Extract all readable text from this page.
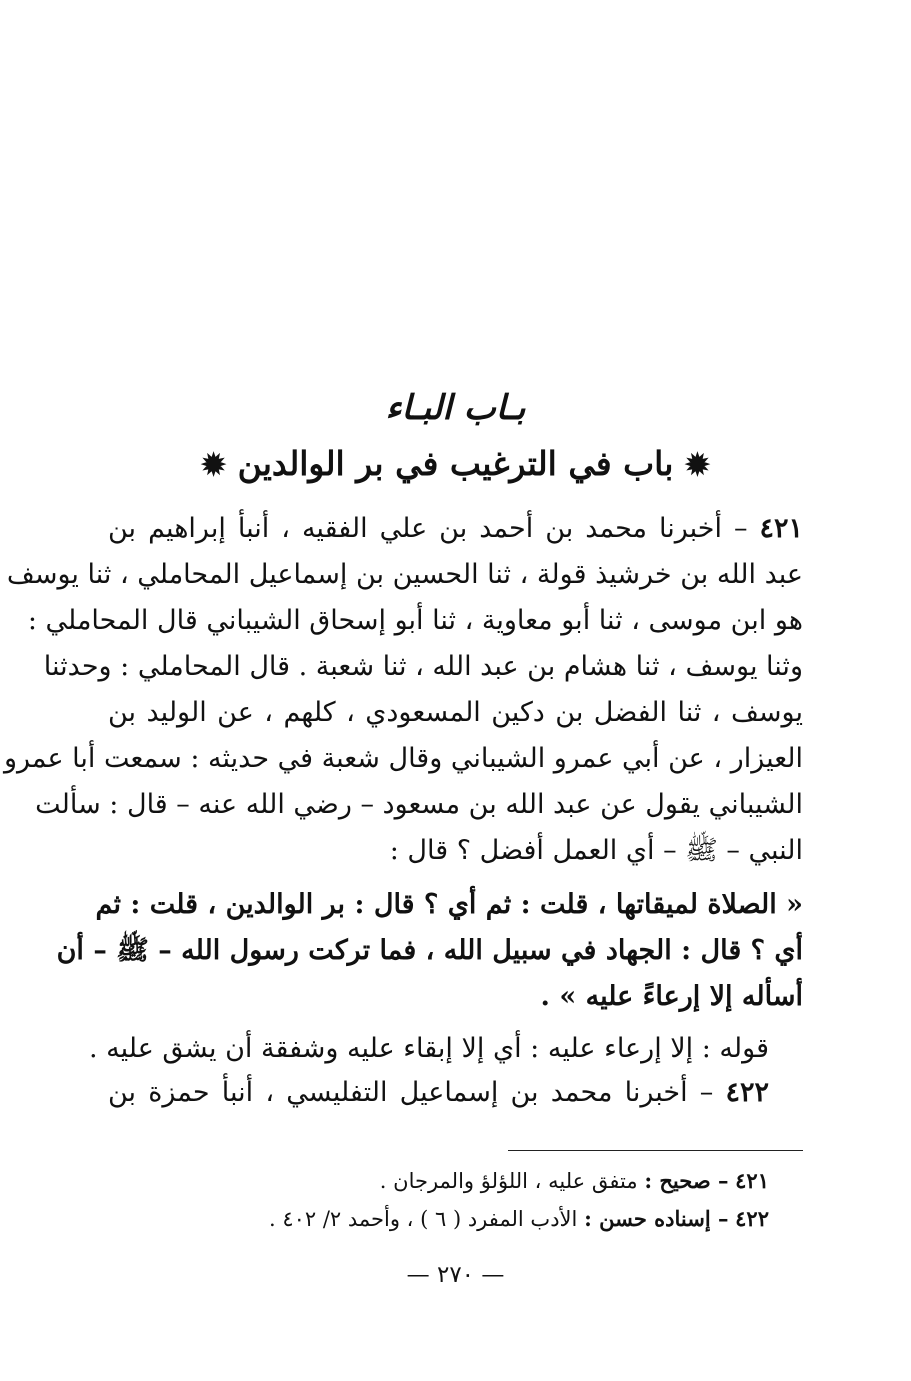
بـاب البـاء
✹ باب في الترغيب في بر الوالدين ✹
٤٢١ – أخبرنا محمد بن أحمد بن علي الفقيه ، أنبأ إبراهيم بن
عبد الله بن خرشيذ قولة ، ثنا الحسين بن إسماعيل المحاملي ، ثنا يوسف
هو ابن موسى ، ثنا أبو معاوية ، ثنا أبو إسحاق الشيباني قال المحاملي :
وثنا يوسف ، ثنا هشام بن عبد الله ، ثنا شعبة . قال المحاملي : وحدثنا
يوسف ، ثنا الفضل بن دكين المسعودي ، كلهم ، عن الوليد بن
العيزار ، عن أبي عمرو الشيباني وقال شعبة في حديثه : سمعت أبا عمرو
الشيباني يقول عن عبد الله بن مسعود – رضي الله عنه – قال : سألت
النبي – ﷺ – أي العمل أفضل ؟ قال :
« الصلاة لميقاتها ، قلت : ثم أي ؟ قال : بر الوالدين ، قلت : ثم
أي ؟ قال : الجهاد في سبيل الله ، فما تركت رسول الله – ﷺ – أن
أسأله إلا إرعاءً عليه » .
قوله : إلا إرعاء عليه : أي إلا إبقاء عليه وشفقة أن يشق عليه .
٤٢٢ – أخبرنا محمد بن إسماعيل التفليسي ، أنبأ حمزة بن
٤٢١ – صحيح : متفق عليه ، اللؤلؤ والمرجان .
٤٢٢ – إسناده حسن : الأدب المفرد ( ٦ ) ، وأحمد ٢/ ٤٠٢ .
— ٢٧٠ —
